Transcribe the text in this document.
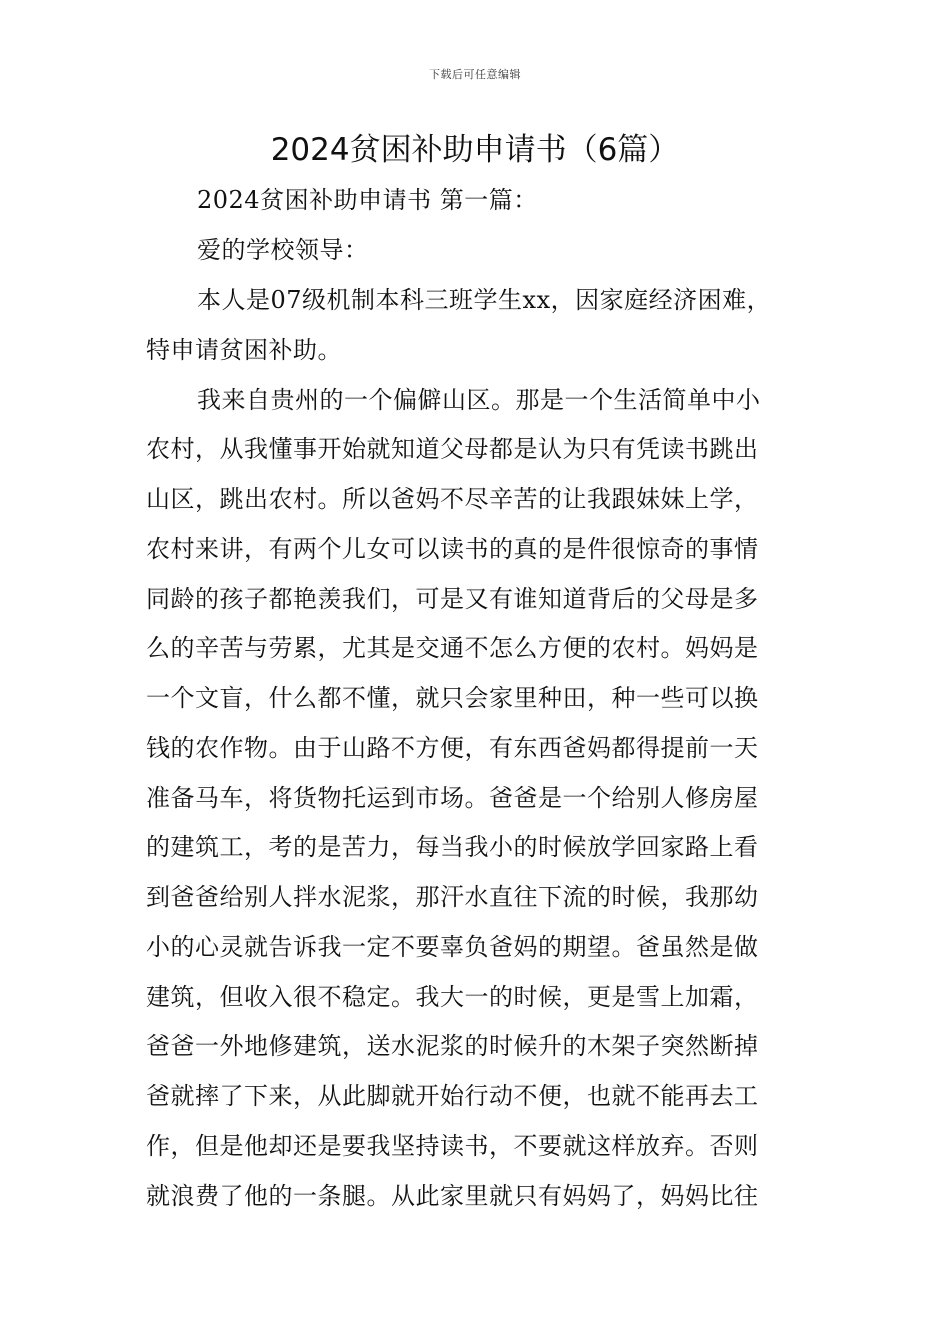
下载后可任意编辑
2024贫困补助申请书（6篇）
2024贫困补助申请书 第一篇：
爱的学校领导：
本人是07级机制本科三班学生xx，因家庭经济困难，
特申请贫困补助。
我来自贵州的一个偏僻山区。那是一个生活简单中小
农村，从我懂事开始就知道父母都是认为只有凭读书跳出
山区，跳出农村。所以爸妈不尽辛苦的让我跟妹妹上学，
农村来讲，有两个儿女可以读书的真的是件很惊奇的事情
同龄的孩子都艳羡我们，可是又有谁知道背后的父母是多
么的辛苦与劳累，尤其是交通不怎么方便的农村。妈妈是
一个文盲，什么都不懂，就只会家里种田，种一些可以换
钱的农作物。由于山路不方便，有东西爸妈都得提前一天
准备马车，将货物托运到市场。爸爸是一个给别人修房屋
的建筑工，考的是苦力，每当我小的时候放学回家路上看
到爸爸给别人拌水泥浆，那汗水直往下流的时候，我那幼
小的心灵就告诉我一定不要辜负爸妈的期望。爸虽然是做
建筑，但收入很不稳定。我大一的时候，更是雪上加霜，
爸爸一外地修建筑，送水泥浆的时候升的木架子突然断掉
爸就摔了下来，从此脚就开始行动不便，也就不能再去工
作，但是他却还是要我坚持读书，不要就这样放弃。否则
就浪费了他的一条腿。从此家里就只有妈妈了，妈妈比往
